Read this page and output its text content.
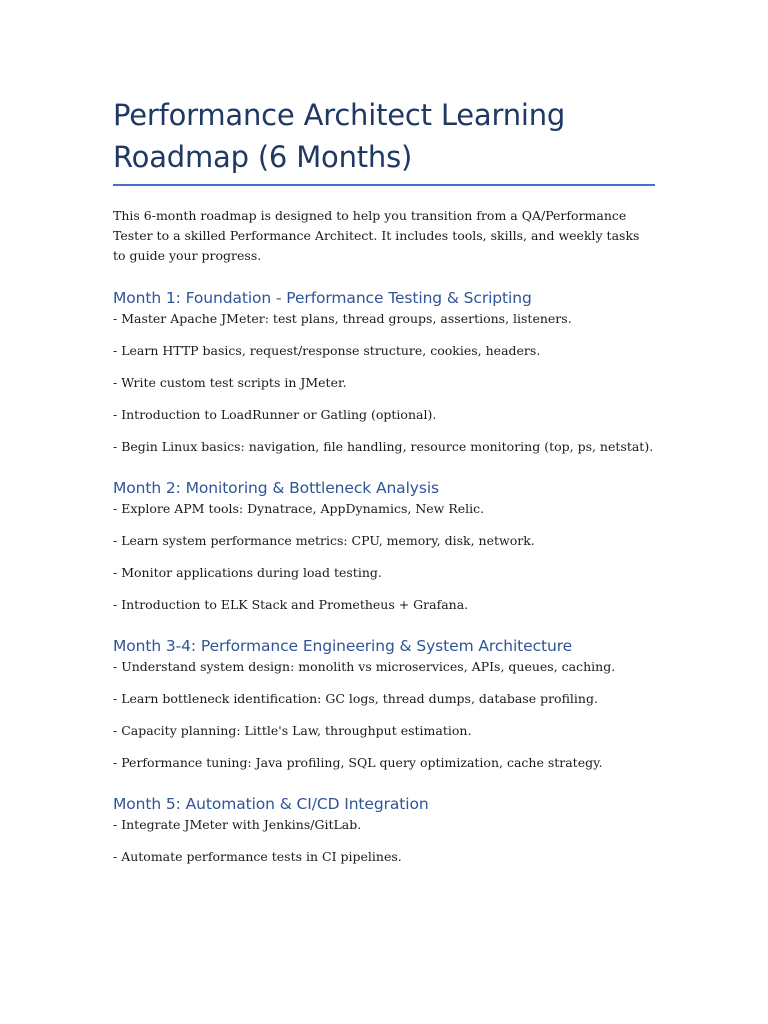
Performance Architect Learning Roadmap (6 Months)

This 6-month roadmap is designed to help you transition from a QA/Performance Tester to a skilled Performance Architect. It includes tools, skills, and weekly tasks to guide your progress.

Month 1: Foundation - Performance Testing & Scripting

- Master Apache JMeter: test plans, thread groups, assertions, listeners.

- Learn HTTP basics, request/response structure, cookies, headers.

- Write custom test scripts in JMeter.

- Introduction to LoadRunner or Gatling (optional).

- Begin Linux basics: navigation, file handling, resource monitoring (top, ps, netstat).

Month 2: Monitoring & Bottleneck Analysis

- Explore APM tools: Dynatrace, AppDynamics, New Relic.

- Learn system performance metrics: CPU, memory, disk, network.

- Monitor applications during load testing.

- Introduction to ELK Stack and Prometheus + Grafana.

Month 3-4: Performance Engineering & System Architecture

- Understand system design: monolith vs microservices, APIs, queues, caching.

- Learn bottleneck identification: GC logs, thread dumps, database profiling.

- Capacity planning: Little's Law, throughput estimation.

- Performance tuning: Java profiling, SQL query optimization, cache strategy.

Month 5: Automation & CI/CD Integration

- Integrate JMeter with Jenkins/GitLab.

- Automate performance tests in CI pipelines.
